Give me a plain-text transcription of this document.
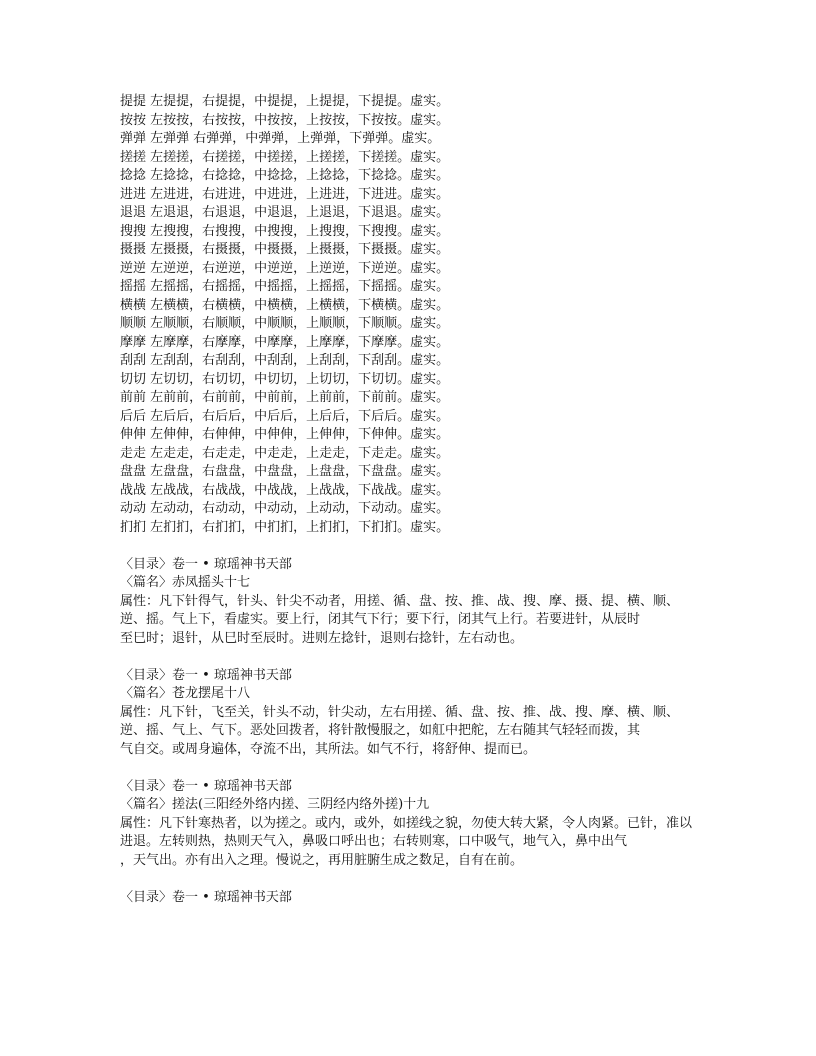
提提 左提提，右提提，中提提，上提提，下提提。虚实。
按按 左按按，右按按，中按按，上按按，下按按。虚实。
弹弹 左弹弹 右弹弹，中弹弹，上弹弹，下弹弹。虚实。
搓搓 左搓搓，右搓搓，中搓搓，上搓搓，下搓搓。虚实。
捻捻 左捻捻，右捻捻，中捻捻，上捻捻，下捻捻。虚实。
进进 左进进，右进进，中进进，上进进，下进进。虚实。
退退 左退退，右退退，中退退，上退退，下退退。虚实。
搜搜 左搜搜，右搜搜，中搜搜，上搜搜，下搜搜。虚实。
摄摄 左摄摄，右摄摄，中摄摄，上摄摄，下摄摄。虚实。
逆逆 左逆逆，右逆逆，中逆逆，上逆逆，下逆逆。虚实。
摇摇 左摇摇，右摇摇，中摇摇，上摇摇，下摇摇。虚实。
横横 左横横，右横横，中横横，上横横，下横横。虚实。
顺顺 左顺顺，右顺顺，中顺顺，上顺顺，下顺顺。虚实。
摩摩 左摩摩，右摩摩，中摩摩，上摩摩，下摩摩。虚实。
刮刮 左刮刮，右刮刮，中刮刮，上刮刮，下刮刮。虚实。
切切 左切切，右切切，中切切，上切切，下切切。虚实。
前前 左前前，右前前，中前前，上前前，下前前。虚实。
后后 左后后，右后后，中后后，上后后，下后后。虚实。
伸伸 左伸伸，右伸伸，中伸伸，上伸伸，下伸伸。虚实。
走走 左走走，右走走，中走走，上走走，下走走。虚实。
盘盘 左盘盘，右盘盘，中盘盘，上盘盘，下盘盘。虚实。
战战 左战战，右战战，中战战，上战战，下战战。虚实。
动动 左动动，右动动，中动动，上动动，下动动。虚实。
扪扪 左扪扪，右扪扪，中扪扪，上扪扪，下扪扪。虚实。
〈目录〉卷一 • 琼瑶神书天部
〈篇名〉赤凤摇头十七
属性：凡下针得气，针头、针尖不动者，用搓、循、盘、按、推、战、搜、摩、摄、提、横、顺、逆、摇。气上下，看虚实。要上行，闭其气下行；要下行，闭其气上行。若要进针，从辰时
至巳时；退针，从巳时至辰时。进则左捻针，退则右捻针，左右动也。
〈目录〉卷一 • 琼瑶神书天部
〈篇名〉苍龙摆尾十八
属性：凡下针，飞至关，针头不动，针尖动，左右用搓、循、盘、按、推、战、搜、摩、横、顺、逆、摇、气上、气下。恶处回拨者，将针散慢服之，如舡中把舵，左右随其气轻轻而拨，其
气自交。或周身遍体，夺流不出，其所法。如气不行，将舒伸、提而已。
〈目录〉卷一 • 琼瑶神书天部
〈篇名〉搓法(三阳经外络内搓、三阴经内络外搓)十九
属性：凡下针寒热者，以为搓之。或内，或外，如搓线之貌，勿使大转大紧，令人肉紧。已针，准以进退。左转则热，热则天气入，鼻吸口呼出也；右转则寒，口中吸气，地气入，鼻中出气
，天气出。亦有出入之理。慢说之，再用脏腑生成之数足，自有在前。
〈目录〉卷一 • 琼瑶神书天部
